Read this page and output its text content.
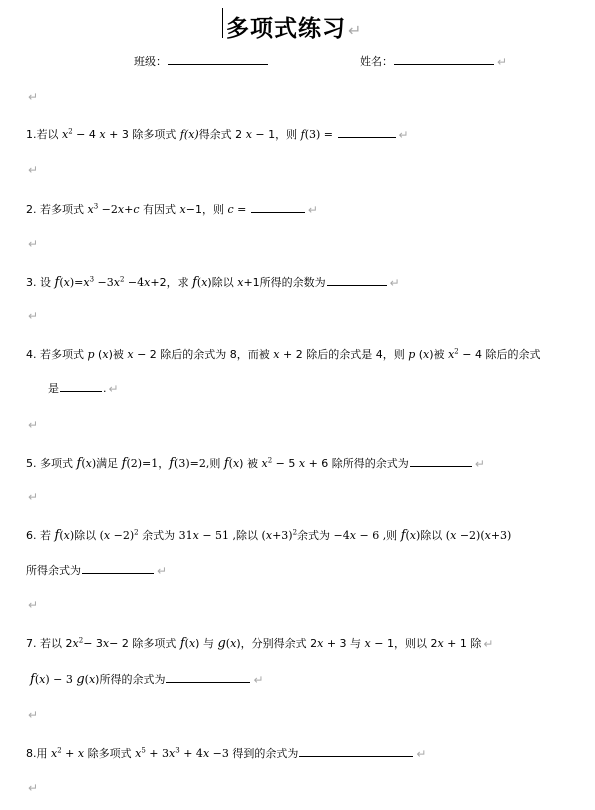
多项式练习 ↵
班级：	姓名：	↵
↵
1.若以 $x^2 - 4$ x + 3 除多项式 f(x)得余式 2 x − 1，则 f(3) =	↵
↵
2. 若多项式 $x^3 -2x+c$ 有因式 x−1，则 c =	↵
↵
3. 设 $f(x)=x^3 -3x^2 -4x+2$，求 f(x)除以 x+1所得的余数为	↵
↵
4. 若多项式 p (x)被 x − 2 除后的余式为 8，而被 x + 2 除后的余式是 4，则 p (x)被 $x^2 - 4$ 除后的余式
是	. ↵
↵
5. 多项式 f(x)满足 f(2)=1，f(3)=2,则 f(x) 被 $x^2 - 5$ x + 6 除所得的余式为	↵
↵
6. 若 f(x)除以 $(x -2)^2$ 余式为 31x − 51 ,除以 $(x+3)^2$余式为 −4x − 6 ,则 f(x)除以 (x −2)(x+3)
所得余式为	↵
↵
7. 若以 $2x^2- 3x- 2$ 除多项式 f(x) 与 g(x)，分别得余式 2x + 3 与 x − 1，则以 2x + 1 除 ↵
f(x) − 3 g(x)所得的余式为	↵
↵
8.用 $x^2 + x$ 除多项式 $x^5 + 3x^3 + 4x -3$ 得到的余式为	↵
↵
